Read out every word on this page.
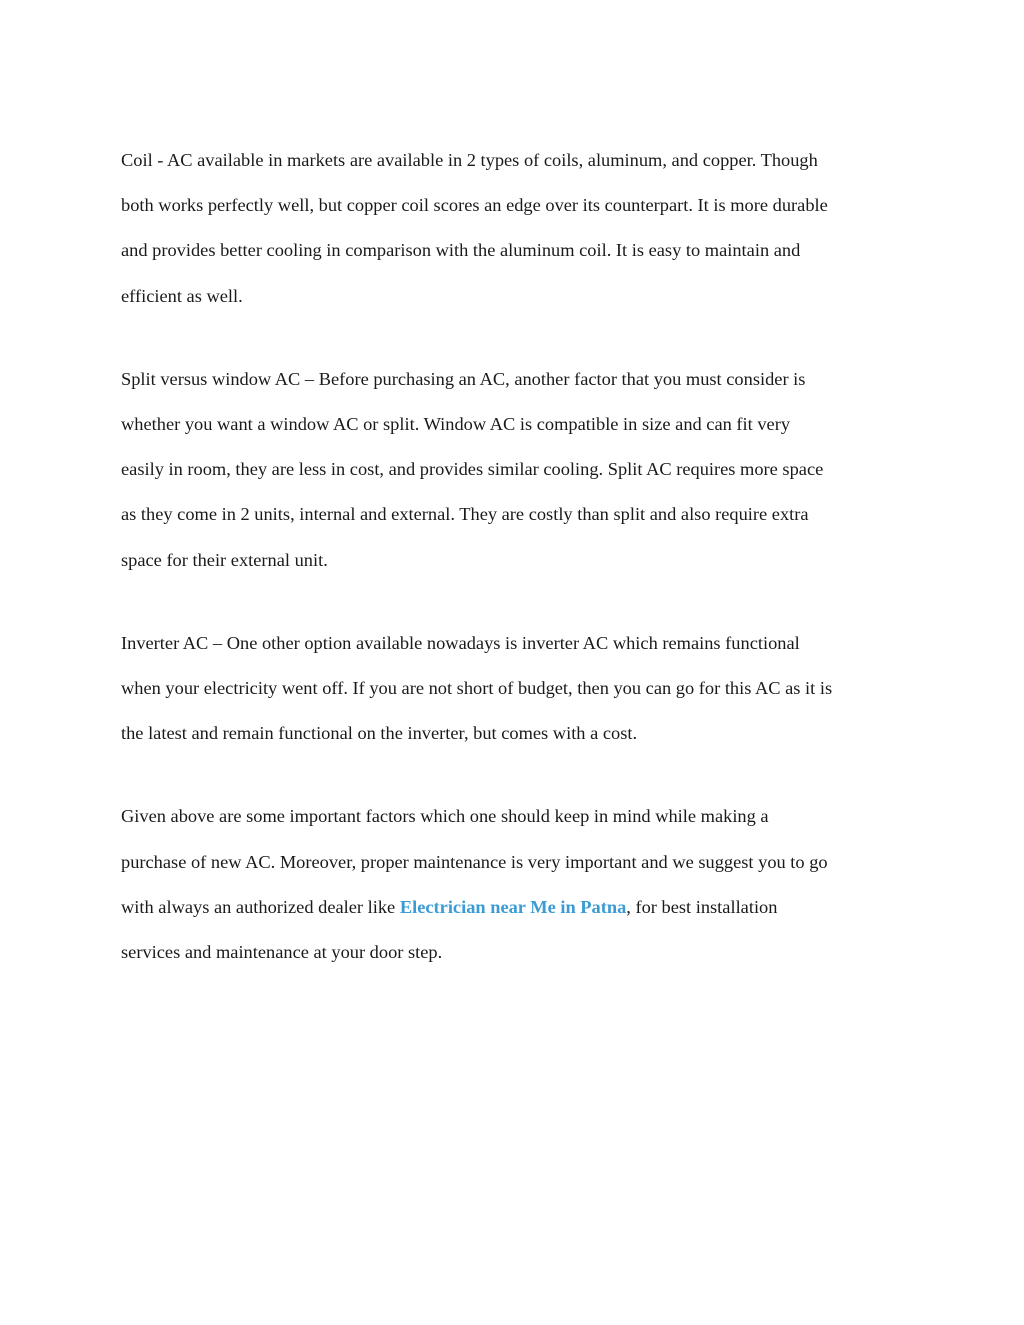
Coil - AC available in markets are available in 2 types of coils, aluminum, and copper. Though
both works perfectly well, but copper coil scores an edge over its counterpart. It is more durable
and provides better cooling in comparison with the aluminum coil. It is easy to maintain and
efficient as well.

Split versus window AC – Before purchasing an AC, another factor that you must consider is
whether you want a window AC or split. Window AC is compatible in size and can fit very
easily in room, they are less in cost, and provides similar cooling. Split AC requires more space
as they come in 2 units, internal and external. They are costly than split and also require extra
space for their external unit.

Inverter AC – One other option available nowadays is inverter AC which remains functional
when your electricity went off. If you are not short of budget, then you can go for this AC as it is
the latest and remain functional on the inverter, but comes with a cost.

Given above are some important factors which one should keep in mind while making a
purchase of new AC. Moreover, proper maintenance is very important and we suggest you to go
with always an authorized dealer like Electrician near Me in Patna, for best installation
services and maintenance at your door step.
